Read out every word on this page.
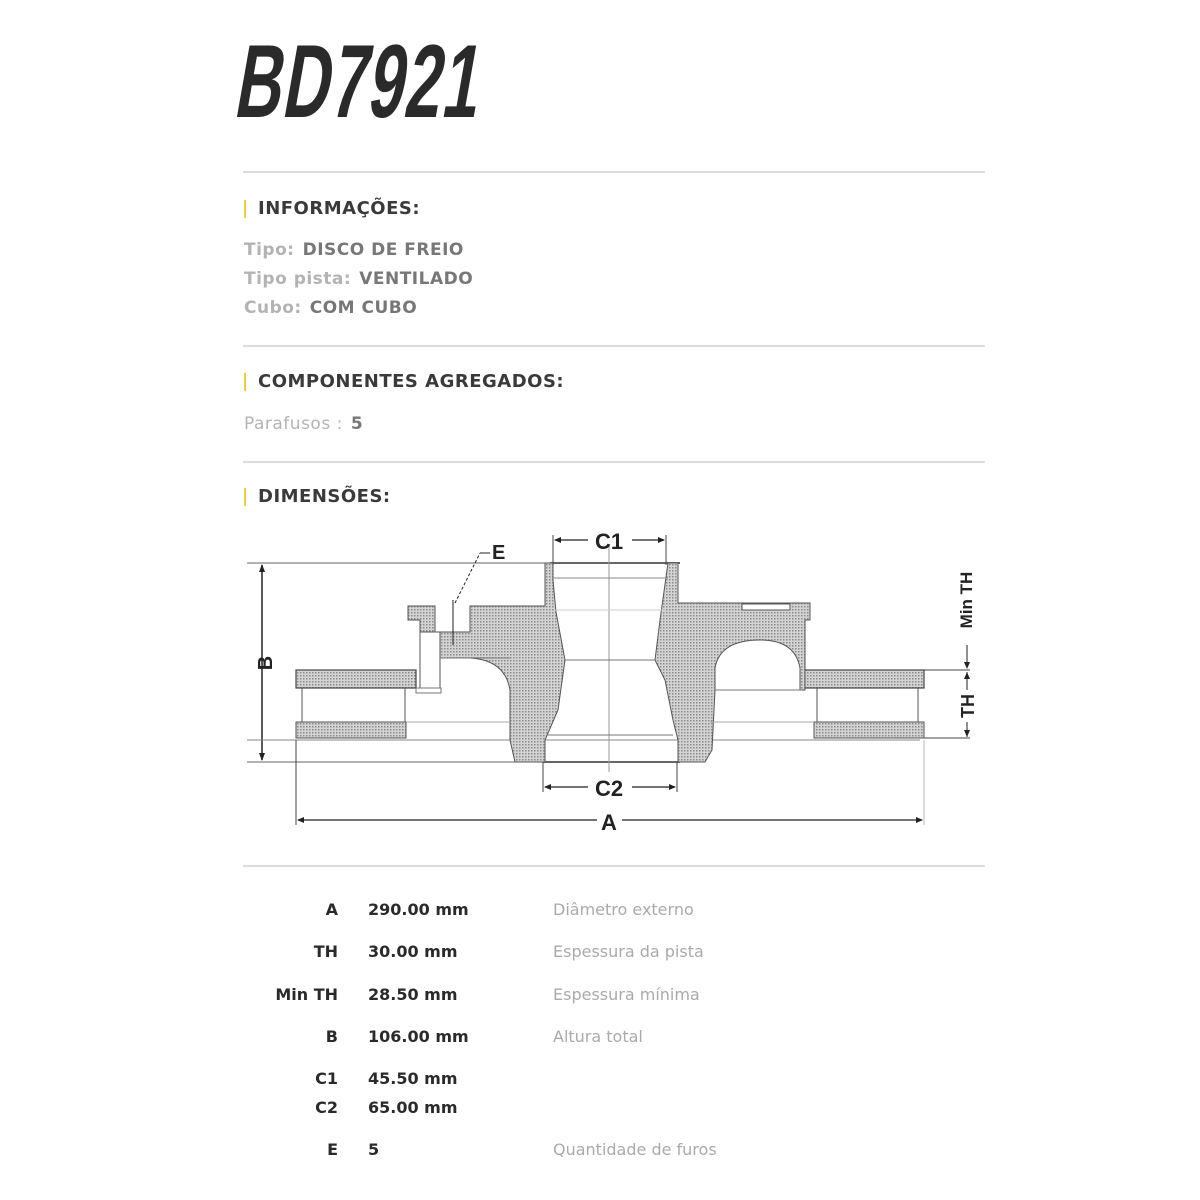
BD7921
INFORMAÇÕES:
Tipo: DISCO DE FREIO
Tipo pista: VENTILADO
Cubo: COM CUBO
COMPONENTES AGREGADOS:
Parafusos : 5
DIMENSÕES:
C1
C2
A
E
B
TH
Min TH
A 290.00 mm	Diâmetro externo
TH 30.00 mm	Espessura da pista
Min TH 28.50 mm	Espessura mínima
B 106.00 mm	Altura total
C1 45.50 mm
C2 65.00 mm
E 5	Quantidade de furos
